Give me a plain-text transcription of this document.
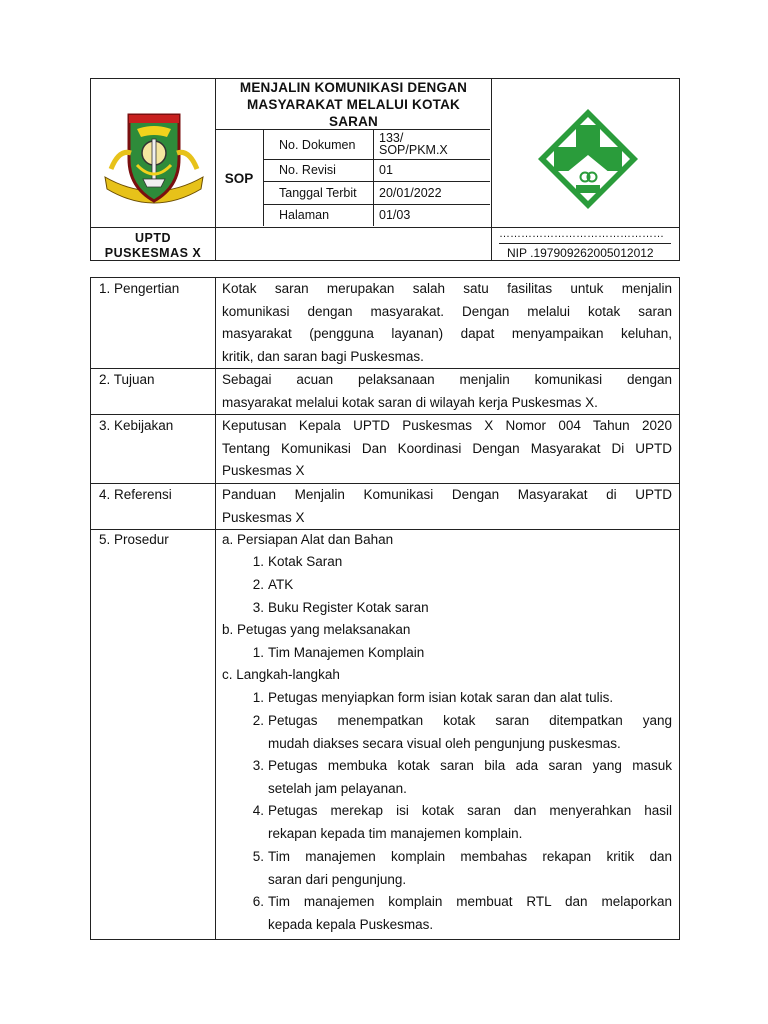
MENJALIN KOMUNIKASI DENGAN
MASYARAKAT MELALUI KOTAK
SARAN
SOP
No. Dokumen	133/
SOP/PKM.X
No. Revisi	01
Tanggal Terbit	20/01/2022
Halaman	01/03
UPTD
PUSKESMAS X
………………………………………
NIP .197909262005012012
1. Pengertian	Kotak saran merupakan salah satu fasilitas untuk menjalin
komunikasi dengan masyarakat. Dengan melalui kotak saran
masyarakat (pengguna layanan) dapat menyampaikan keluhan,
kritik, dan saran bagi Puskesmas.
2. Tujuan	Sebagai acuan pelaksanaan menjalin komunikasi dengan
masyarakat melalui kotak saran di wilayah kerja Puskesmas X.
3. Kebijakan	Keputusan Kepala UPTD Puskesmas X Nomor 004 Tahun 2020
Tentang Komunikasi Dan Koordinasi Dengan Masyarakat Di UPTD
Puskesmas X
4. Referensi	Panduan Menjalin Komunikasi Dengan Masyarakat di UPTD
Puskesmas X
5. Prosedur	a. Persiapan Alat dan Bahan
1. Kotak Saran
2. ATK
3. Buku Register Kotak saran
b. Petugas yang melaksanakan
1. Tim Manajemen Komplain
c. Langkah-langkah
1. Petugas menyiapkan form isian kotak saran dan alat tulis.
2. Petugas menempatkan kotak saran ditempatkan yang
mudah diakses secara visual oleh pengunjung puskesmas.
3. Petugas membuka kotak saran bila ada saran yang masuk
setelah jam pelayanan.
4. Petugas merekap isi kotak saran dan menyerahkan hasil
rekapan kepada tim manajemen komplain.
5. Tim manajemen komplain membahas rekapan kritik dan
saran dari pengunjung.
6. Tim manajemen komplain membuat RTL dan melaporkan
kepada kepala Puskesmas.
